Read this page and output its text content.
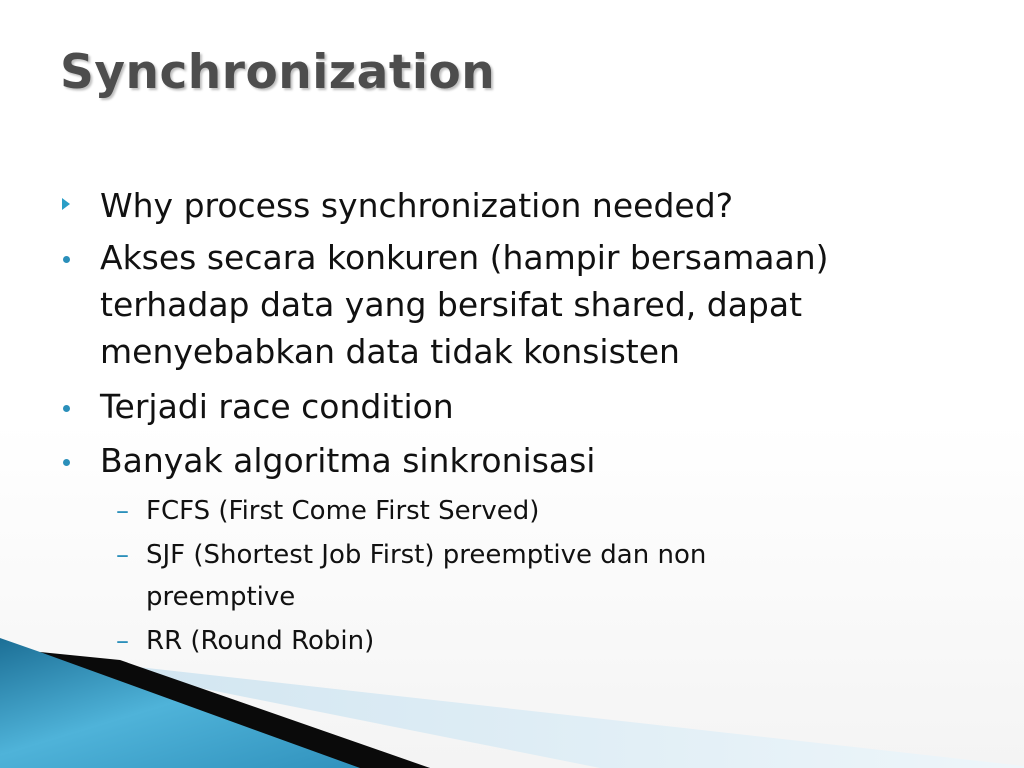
Synchronization
Why process synchronization needed?
Akses secara konkuren (hampir bersamaan)
terhadap data yang bersifat shared, dapat
menyebabkan data tidak konsisten
Terjadi race condition
Banyak algoritma sinkronisasi
– FCFS (First Come First Served)
– SJF (Shortest Job First) preemptive dan non
preemptive
– RR (Round Robin)
